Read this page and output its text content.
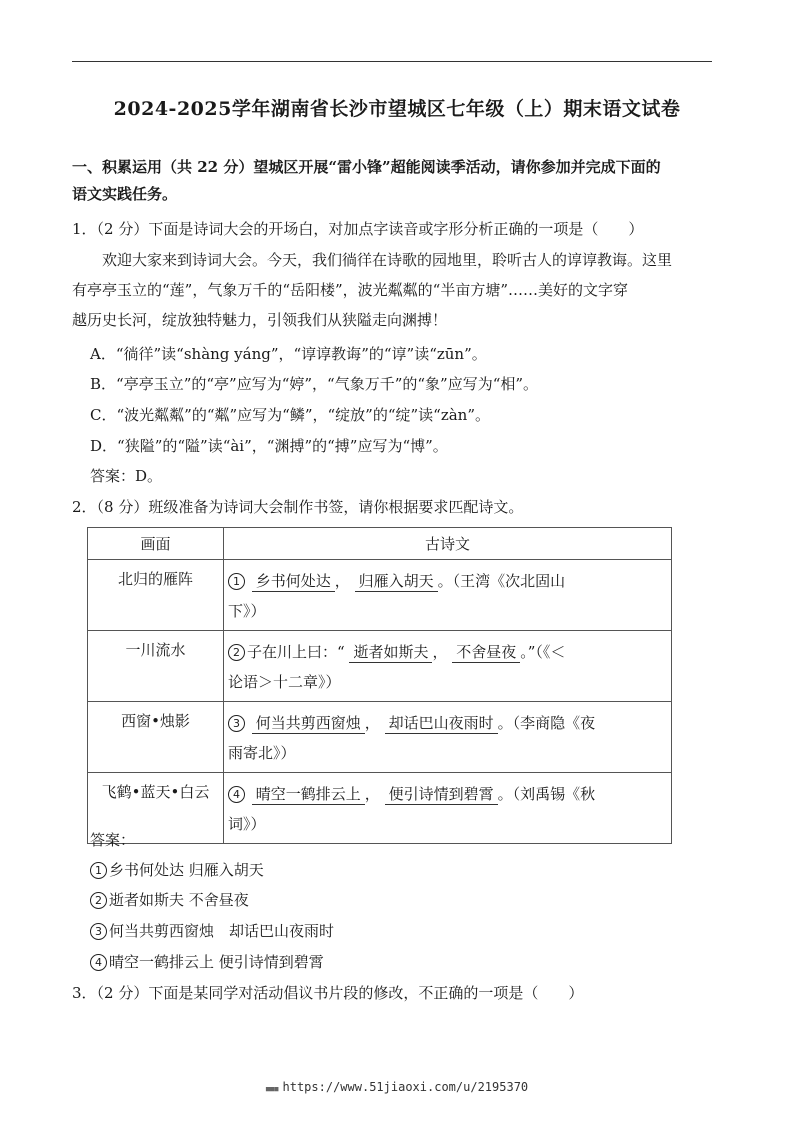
2024-2025学年湖南省长沙市望城区七年级（上）期末语文试卷
一、积累运用（共 22 分）望城区开展“雷小锋”超能阅读季活动，请你参加并完成下面的
语文实践任务。
1．（2 分）下面是诗词大会的开场白，对加点字读音或字形分析正确的一项是（　　）
欢迎大家来到诗词大会。今天，我们徜徉在诗歌的园地里，聆听古人的谆谆教诲。这里
有亭亭玉立的“莲”，气象万千的“岳阳楼”，波光粼粼的“半亩方塘”……美好的文字穿
越历史长河，绽放独特魅力，引领我们从狭隘走向渊搏！
A．“徜徉”读“shàng yáng”，“谆谆教诲”的“谆”读“zūn”。
B．“亭亭玉立”的“亭”应写为“婷”，“气象万千”的“象”应写为“相”。
C．“波光粼粼”的“粼”应写为“鳞”，“绽放”的“绽”读“zàn”。
D．“狭隘”的“隘”读“ài”，“渊搏”的“搏”应写为“博”。
答案：D。
2．（8 分）班级准备为诗词大会制作书签，请你根据要求匹配诗文。
画面	古诗文
北归的雁阵	1 乡书何处达 ， 归雁入胡天 。（王湾《次北固山
下》）
一川流水	2 子在川上曰：“ 逝者如斯夫 ， 不舍昼夜 。”（《＜
论语＞十二章》）
西窗•烛影	3 何当共剪西窗烛 ， 却话巴山夜雨时 。（李商隐《夜
雨寄北》）
飞鹤•蓝天•白云	4 晴空一鹤排云上 ， 便引诗情到碧霄 。（刘禹锡《秋
词》）
答案：
1 乡书何处达 归雁入胡天
2 逝者如斯夫 不舍昼夜
3 何当共剪西窗烛　却话巴山夜雨时
4 晴空一鹤排云上 便引诗情到碧霄
3．（2 分）下面是某同学对活动倡议书片段的修改，不正确的一项是（　　）
■■■ https://www.51jiaoxi.com/u/2195370
